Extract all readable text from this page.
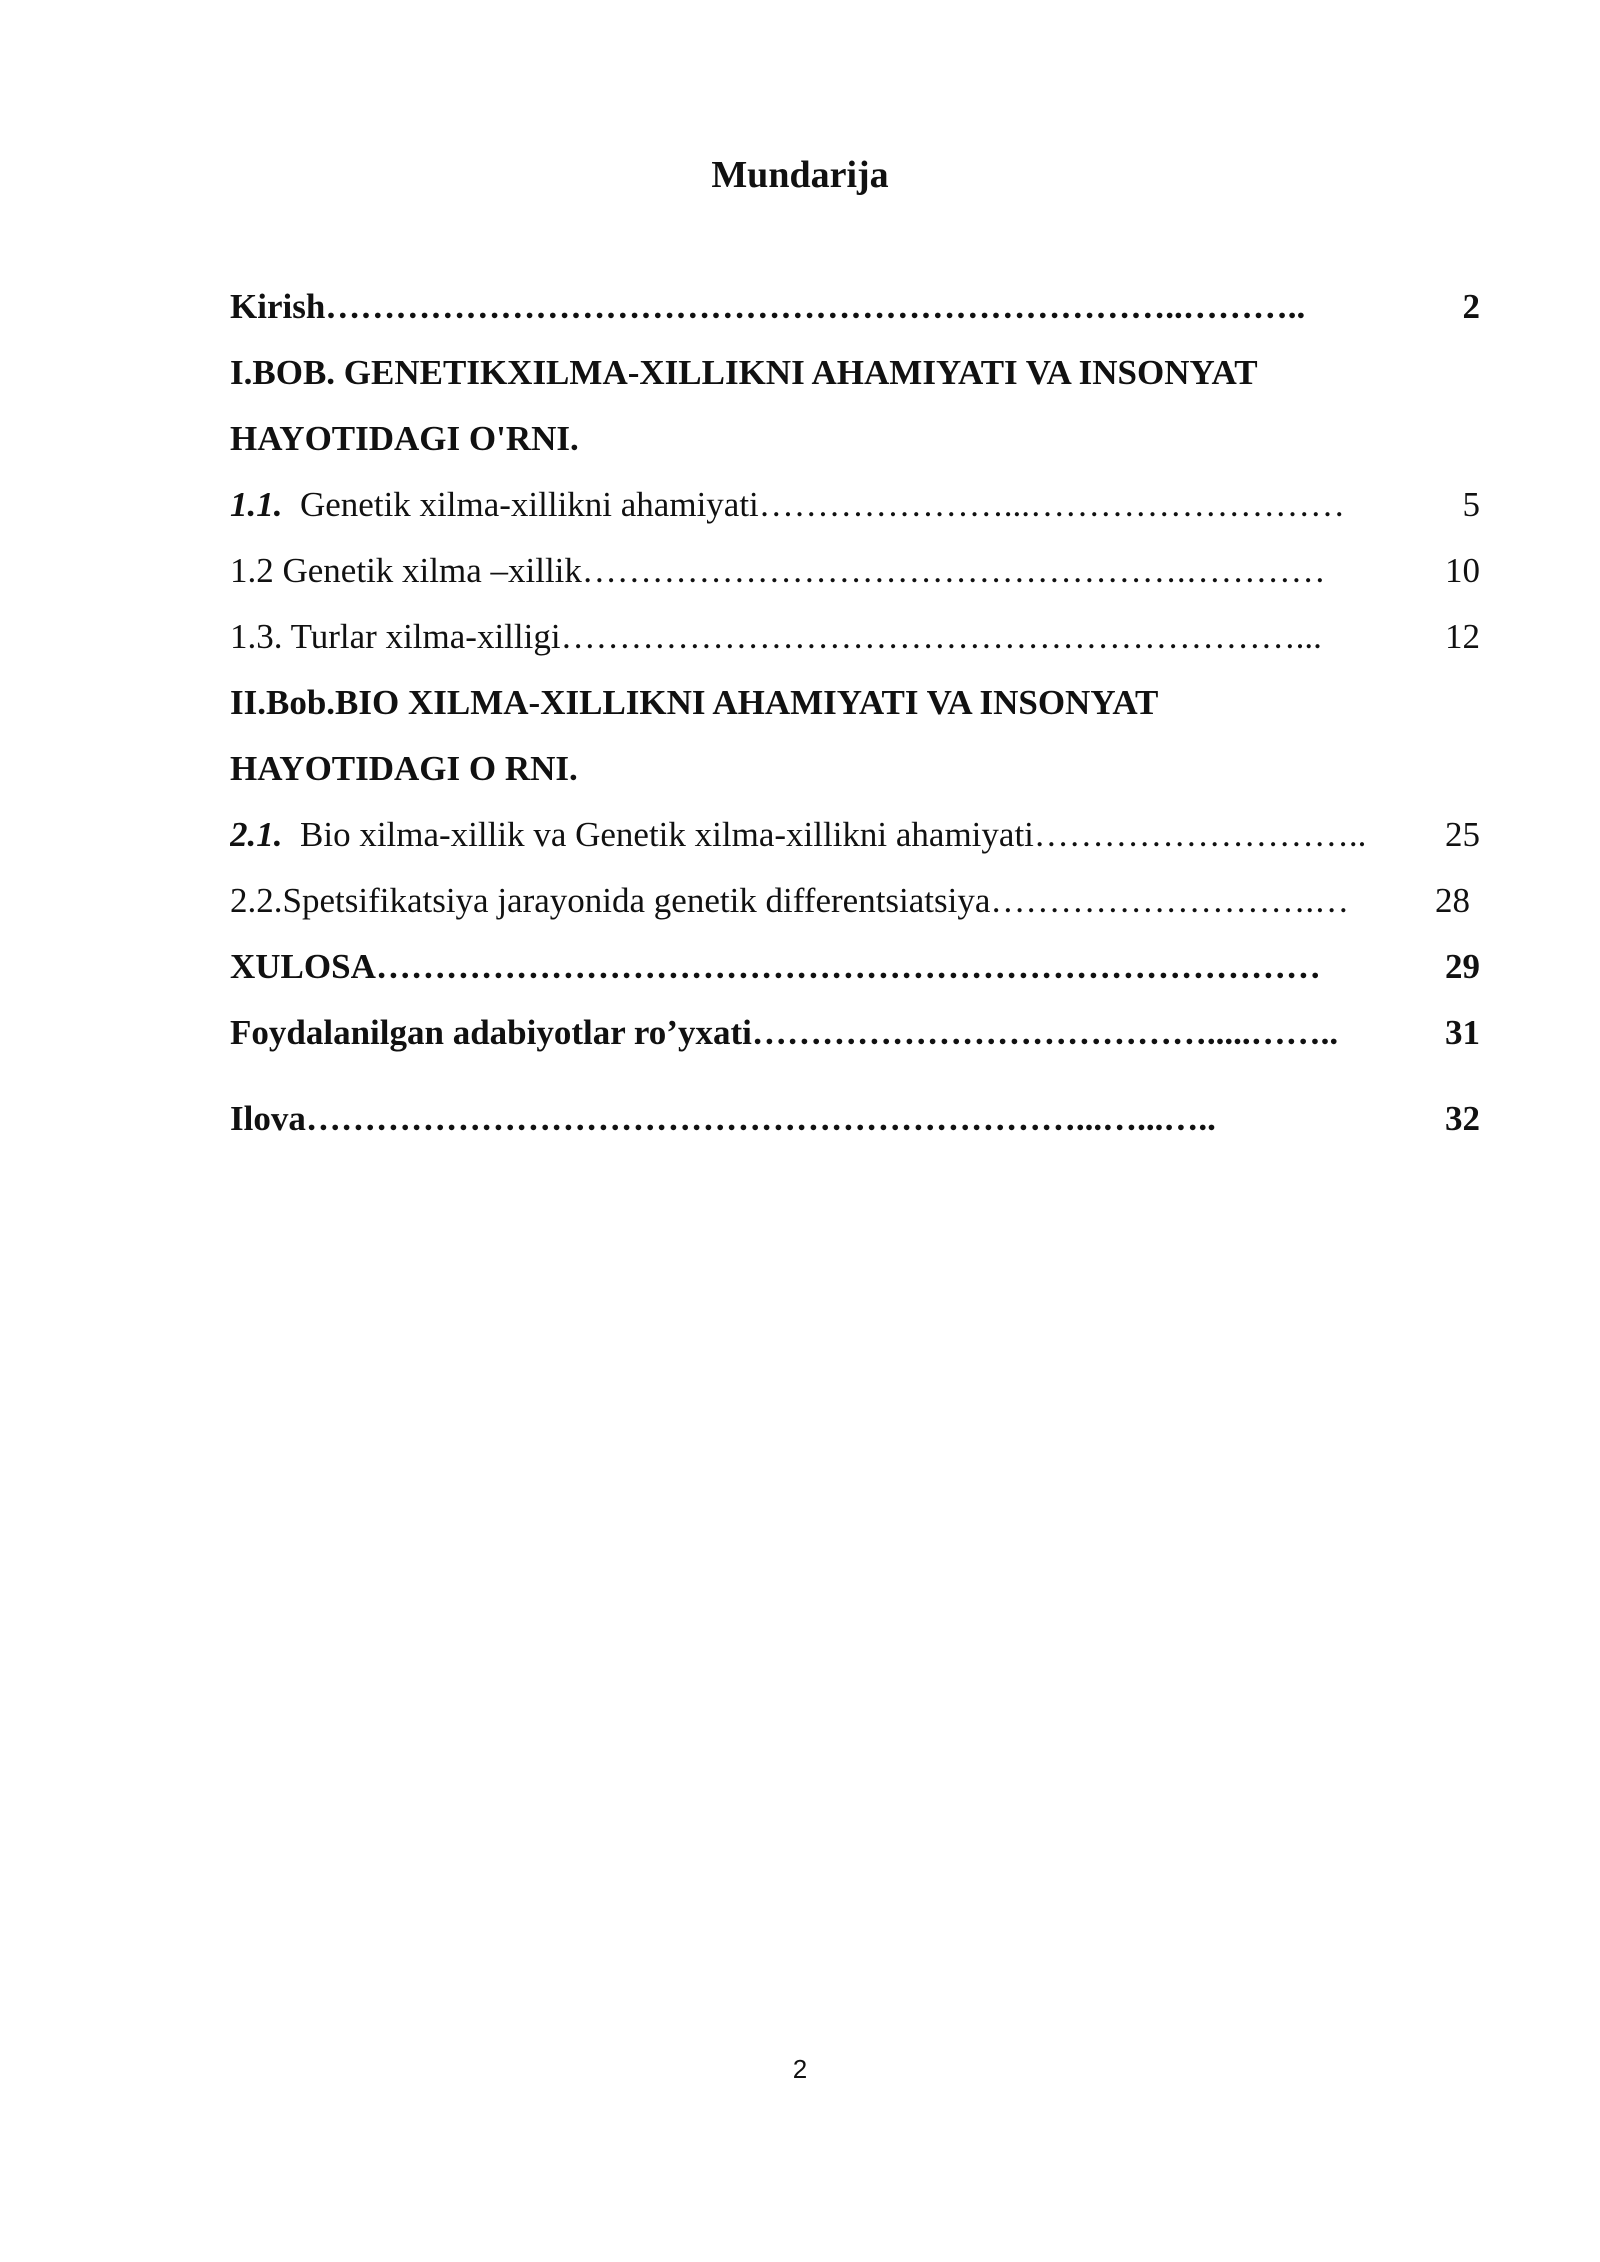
Mundarija
Kirish………………………………………………………………..………..	2
I.BOB. GENETIKXILMA-XILLIKNI AHAMIYATI VA INSONYAT
HAYOTIDAGI O'RNI.
1.1. Genetik xilma-xillikni ahamiyati…………………...………………………	5
1.2 Genetik xilma –xillik…………………………………………….…………	10
1.3. Turlar xilma-xilligi………………………………………………………...	12
II.Bob.BIO XILMA-XILLIKNI AHAMIYATI VA INSONYAT
HAYOTIDAGI O RNI.
2.1. Bio xilma-xillik va Genetik xilma-xillikni ahamiyati……………………….. 25
2.2.Spetsifikatsiya jarayonida genetik differentsiatsiya……………………….… 28
XULOSA………………………………………………………………………	29
Foydalanilgan adabiyotlar ro’yxati………………………………….....……..	31
Ilova…………………………………………………………...…...…..	32
2
